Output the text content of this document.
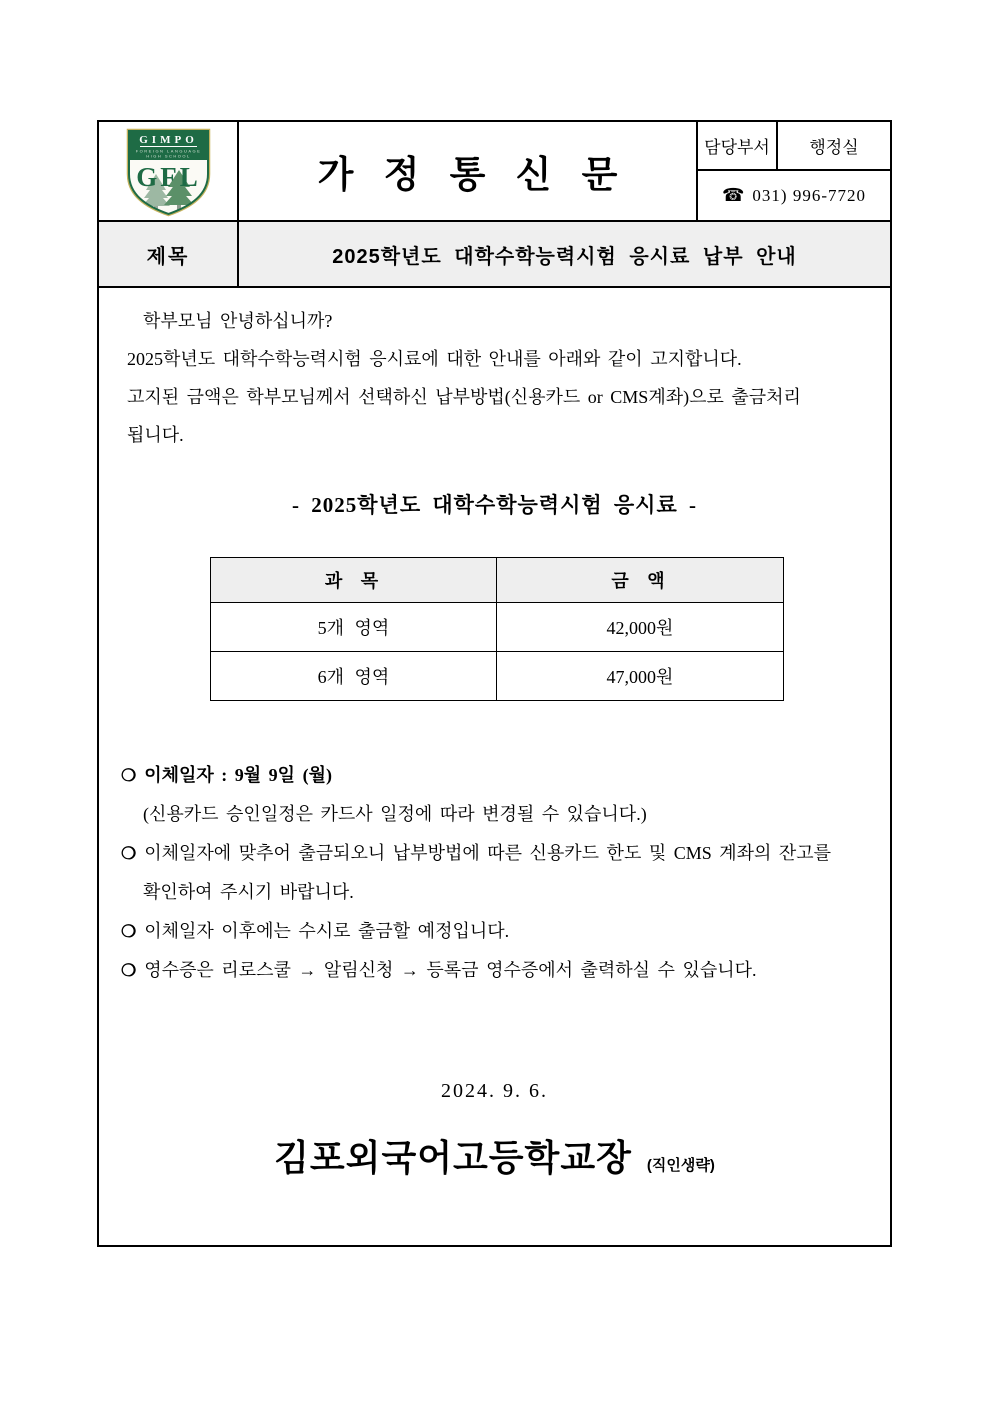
GIMPO
FOREIGN LANGUAGE
HIGH SCHOOL
GFL	가 정 통 신 문
담당부서	행정실
☎ 031) 996-7720
제목	2025학년도 대학수학능력시험 응시료 납부 안내
학부모님 안녕하십니까?
2025학년도 대학수학능력시험 응시료에 대한 안내를 아래와 같이 고지합니다.
고지된 금액은 학부모님께서 선택하신 납부방법(신용카드 or CMS계좌)으로 출금처리
됩니다.
- 2025학년도 대학수학능력시험 응시료 -
과 목	금 액
5개 영역	42,000원
6개 영역	47,000원
❍ 이체일자 : 9월 9일 (월)
(신용카드 승인일정은 카드사 일정에 따라 변경될 수 있습니다.)
❍ 이체일자에 맞추어 출금되오니 납부방법에 따른 신용카드 한도 및 CMS 계좌의 잔고를
확인하여 주시기 바랍니다.
❍ 이체일자 이후에는 수시로 출금할 예정입니다.
❍ 영수증은 리로스쿨 → 알림신청 → 등록금 영수증에서 출력하실 수 있습니다.
2024. 9. 6.
김포외국어고등학교장 (직인생략)
